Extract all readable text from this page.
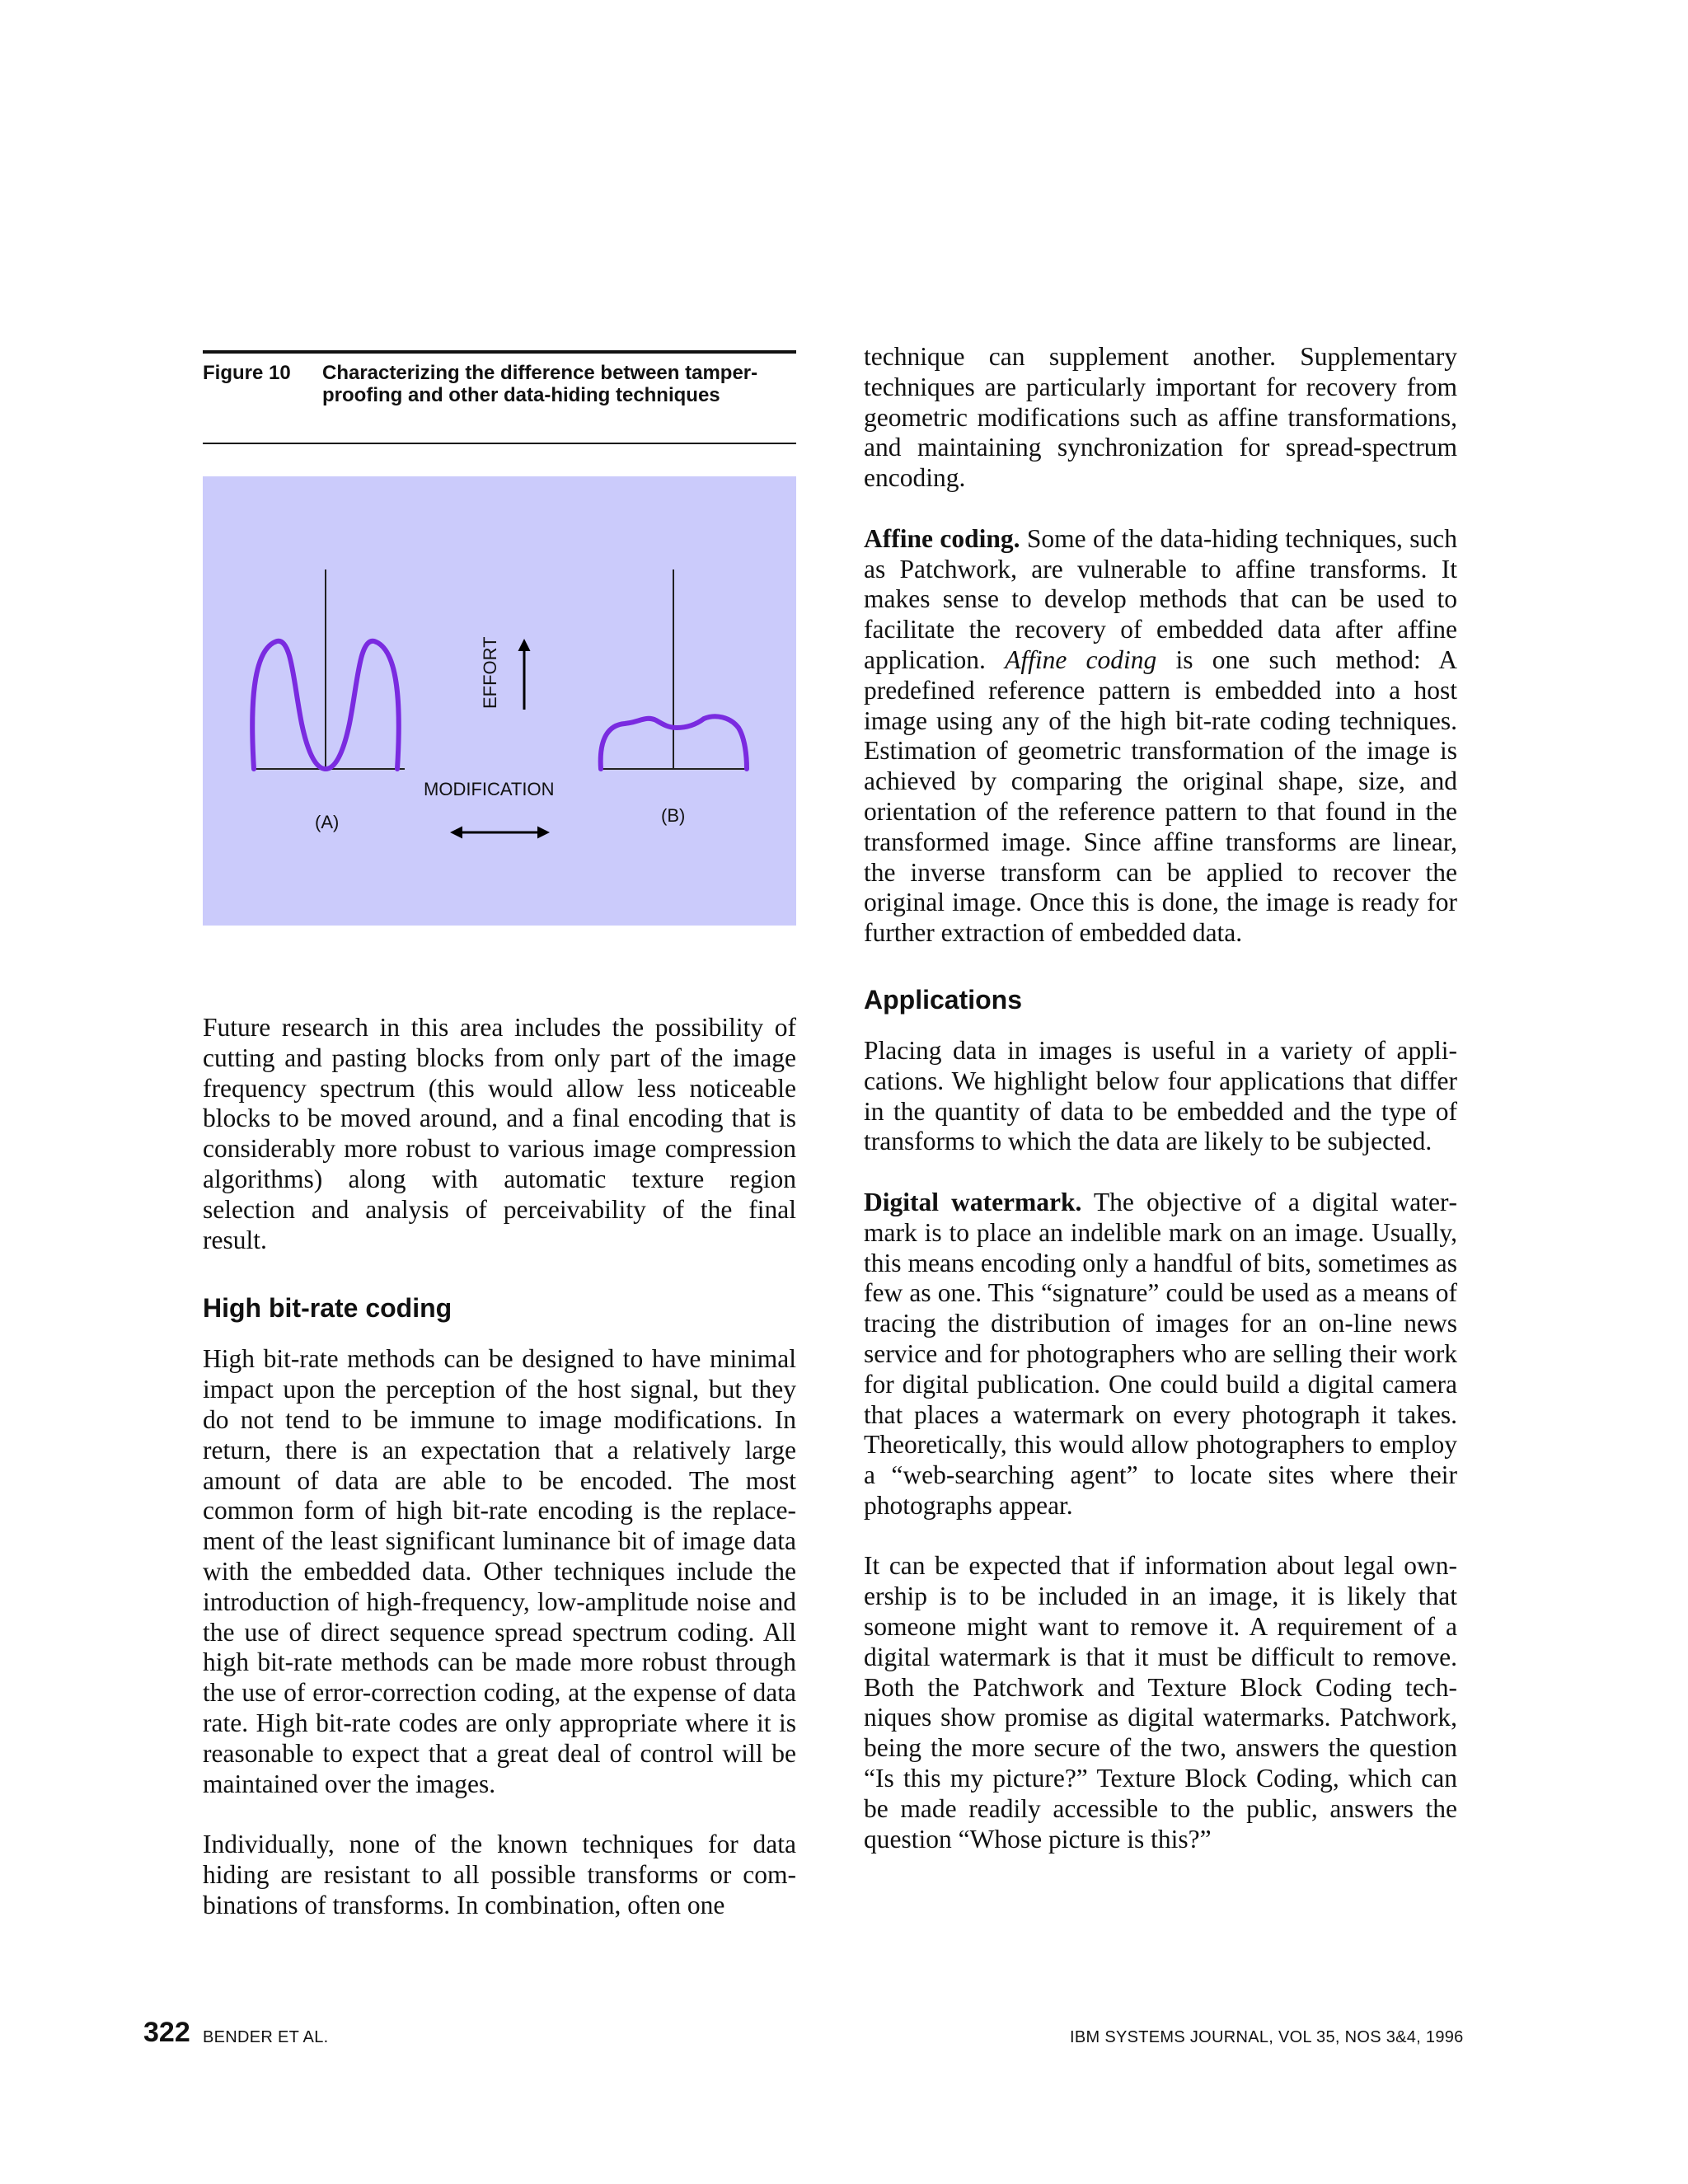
Figure 10 Characterizing the difference between tamper-proofing and other data-hiding techniques
EFFORT
MODIFICATION
(A)	(B)

Future research in this area includes the possibility of cutting and pasting blocks from only part of the image frequency spectrum (this would allow less noticeable blocks to be moved around, and a final encoding that is considerably more robust to various image compression algorithms) along with automatic texture region selection and analysis of perceivability of the final result.

High bit-rate coding

High bit-rate methods can be designed to have minimal impact upon the perception of the host signal, but they do not tend to be immune to image modifications. In return, there is an expectation that a relatively large amount of data are able to be encoded. The most common form of high bit-rate encoding is the replacement of the least significant luminance bit of image data with the embedded data. Other techniques include the introduction of high-frequency, low-amplitude noise and the use of direct sequence spread spectrum coding. All high bit-rate methods can be made more robust through the use of error-correction coding, at the expense of data rate. High bit-rate codes are only appropriate where it is reasonable to expect that a great deal of control will be maintained over the images.

Individually, none of the known techniques for data hiding are resistant to all possible transforms or combinations of transforms. In combination, often one

technique can supplement another. Supplementary techniques are particularly important for recovery from geometric modifications such as affine transformations, and maintaining synchronization for spread-spectrum encoding.

Affine coding. Some of the data-hiding techniques, such as Patchwork, are vulnerable to affine transforms. It makes sense to develop methods that can be used to facilitate the recovery of embedded data after affine application. Affine coding is one such method: A predefined reference pattern is embedded into a host image using any of the high bit-rate coding techniques. Estimation of geometric transformation of the image is achieved by comparing the original shape, size, and orientation of the reference pattern to that found in the transformed image. Since affine transforms are linear, the inverse transform can be applied to recover the original image. Once this is done, the image is ready for further extraction of embedded data.

Applications

Placing data in images is useful in a variety of applications. We highlight below four applications that differ in the quantity of data to be embedded and the type of transforms to which the data are likely to be subjected.

Digital watermark. The objective of a digital watermark is to place an indelible mark on an image. Usually, this means encoding only a handful of bits, sometimes as few as one. This “signature” could be used as a means of tracing the distribution of images for an on-line news service and for photographers who are selling their work for digital publication. One could build a digital camera that places a watermark on every photograph it takes. Theoretically, this would allow photographers to employ a “web-searching agent” to locate sites where their photographs appear.

It can be expected that if information about legal ownership is to be included in an image, it is likely that someone might want to remove it. A requirement of a digital watermark is that it must be difficult to remove. Both the Patchwork and Texture Block Coding techniques show promise as digital watermarks. Patchwork, being the more secure of the two, answers the question “Is this my picture?” Texture Block Coding, which can be made readily accessible to the public, answers the question “Whose picture is this?”

322 BENDER ET AL.	IBM SYSTEMS JOURNAL, VOL 35, NOS 3&4, 1996
